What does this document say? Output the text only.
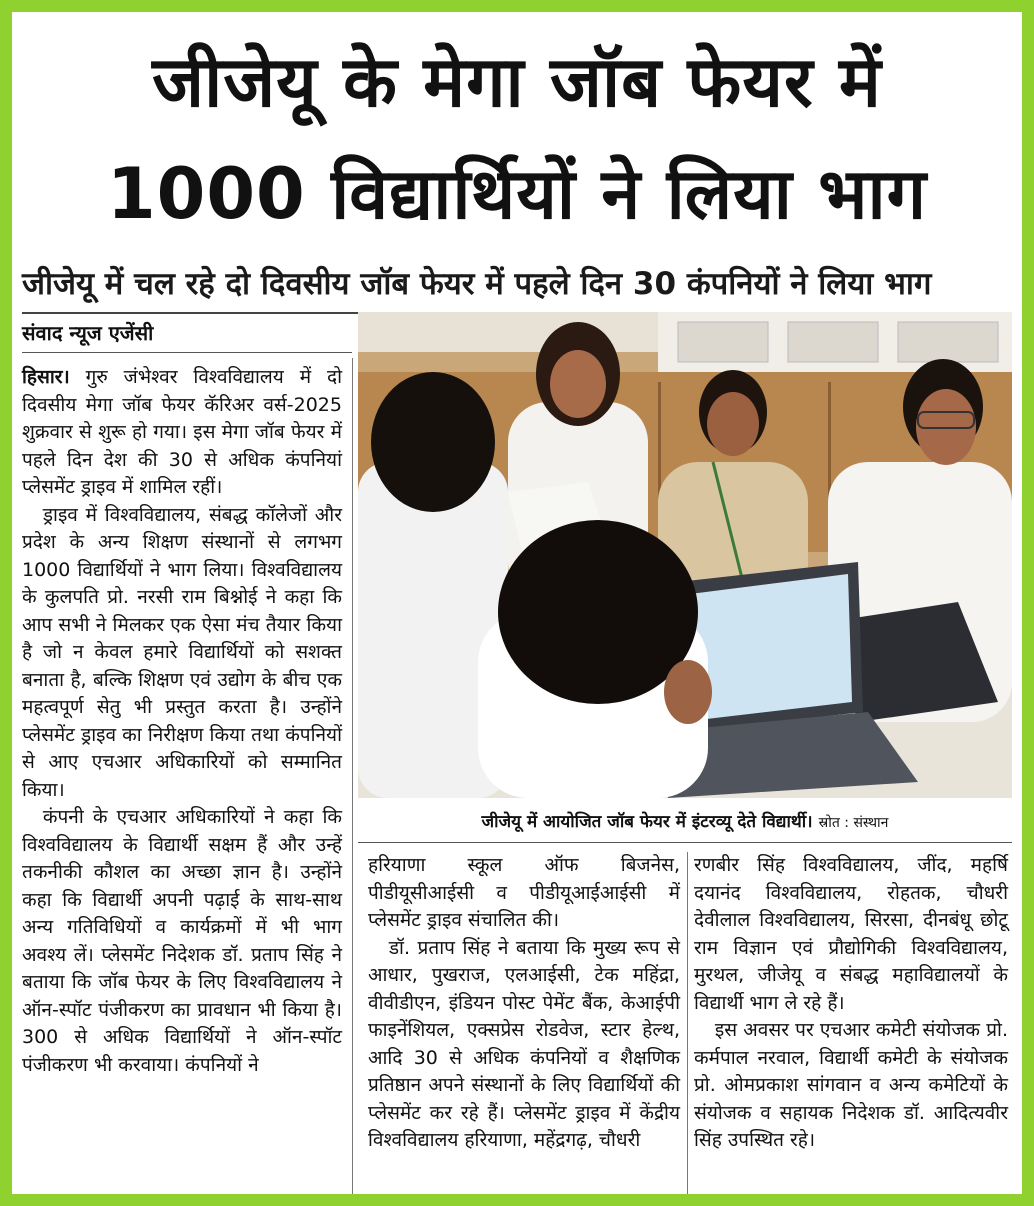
जीजेयू के मेगा जॉब फेयर में
1000 विद्यार्थियों ने लिया भाग
जीजेयू में चल रहे दो दिवसीय जॉब फेयर में पहले दिन 30 कंपनियों ने लिया भाग
संवाद न्यूज एजेंसी

हिसार। गुरु जंभेश्वर विश्वविद्यालय में दो दिवसीय मेगा जॉब फेयर कॅरिअर वर्स-2025 शुक्रवार से शुरू हो गया। इस मेगा जॉब फेयर में पहले दिन देश की 30 से अधिक कंपनियां प्लेसमेंट ड्राइव में शामिल रहीं।

ड्राइव में विश्वविद्यालय, संबद्ध कॉलेजों और प्रदेश के अन्य शिक्षण संस्थानों से लगभग 1000 विद्यार्थियों ने भाग लिया। विश्वविद्यालय के कुलपति प्रो. नरसी राम बिश्नोई ने कहा कि आप सभी ने मिलकर एक ऐसा मंच तैयार किया है जो न केवल हमारे विद्यार्थियों को सशक्त बनाता है, बल्कि शिक्षण एवं उद्योग के बीच एक महत्वपूर्ण सेतु भी प्रस्तुत करता है। उन्होंने प्लेसमेंट ड्राइव का निरीक्षण किया तथा कंपनियों से आए एचआर अधिकारियों को सम्मानित किया।

कंपनी के एचआर अधिकारियों ने कहा कि विश्वविद्यालय के विद्यार्थी सक्षम हैं और उन्हें तकनीकी कौशल का अच्छा ज्ञान है। उन्होंने कहा कि विद्यार्थी अपनी पढ़ाई के साथ-साथ अन्य गतिविधियों व कार्यक्रमों में भी भाग अवश्य लें। प्लेसमेंट निदेशक डॉ. प्रताप सिंह ने बताया कि जॉब फेयर के लिए विश्वविद्यालय ने ऑन-स्पॉट पंजीकरण का प्रावधान भी किया है। 300 से अधिक विद्यार्थियों ने ऑन-स्पॉट पंजीकरण भी करवाया। कंपनियों ने

जीजेयू में आयोजित जॉब फेयर में इंटरव्यू देते विद्यार्थी। स्रोत : संस्थान

हरियाणा स्कूल ऑफ बिजनेस, पीडीयूसीआईसी व पीडीयूआईआईसी में प्लेसमेंट ड्राइव संचालित की।

डॉ. प्रताप सिंह ने बताया कि मुख्य रूप से आधार, पुखराज, एलआईसी, टेक महिंद्रा, वीवीडीएन, इंडियन पोस्ट पेमेंट बैंक, केआईपी फाइनेंशियल, एक्सप्रेस रोडवेज, स्टार हेल्थ, आदि 30 से अधिक कंपनियों व शैक्षणिक प्रतिष्ठान अपने संस्थानों के लिए विद्यार्थियों की प्लेसमेंट कर रहे हैं। प्लेसमेंट ड्राइव में केंद्रीय विश्वविद्यालय हरियाणा, महेंद्रगढ़, चौधरी

रणबीर सिंह विश्वविद्यालय, जींद, महर्षि दयानंद विश्वविद्यालय, रोहतक, चौधरी देवीलाल विश्वविद्यालय, सिरसा, दीनबंधू छोटू राम विज्ञान एवं प्रौद्योगिकी विश्वविद्यालय, मुरथल, जीजेयू व संबद्ध महाविद्यालयों के विद्यार्थी भाग ले रहे हैं।

इस अवसर पर एचआर कमेटी संयोजक प्रो. कर्मपाल नरवाल, विद्यार्थी कमेटी के संयोजक प्रो. ओमप्रकाश सांगवान व अन्य कमेटियों के संयोजक व सहायक निदेशक डॉ. आदित्यवीर सिंह उपस्थित रहे।
